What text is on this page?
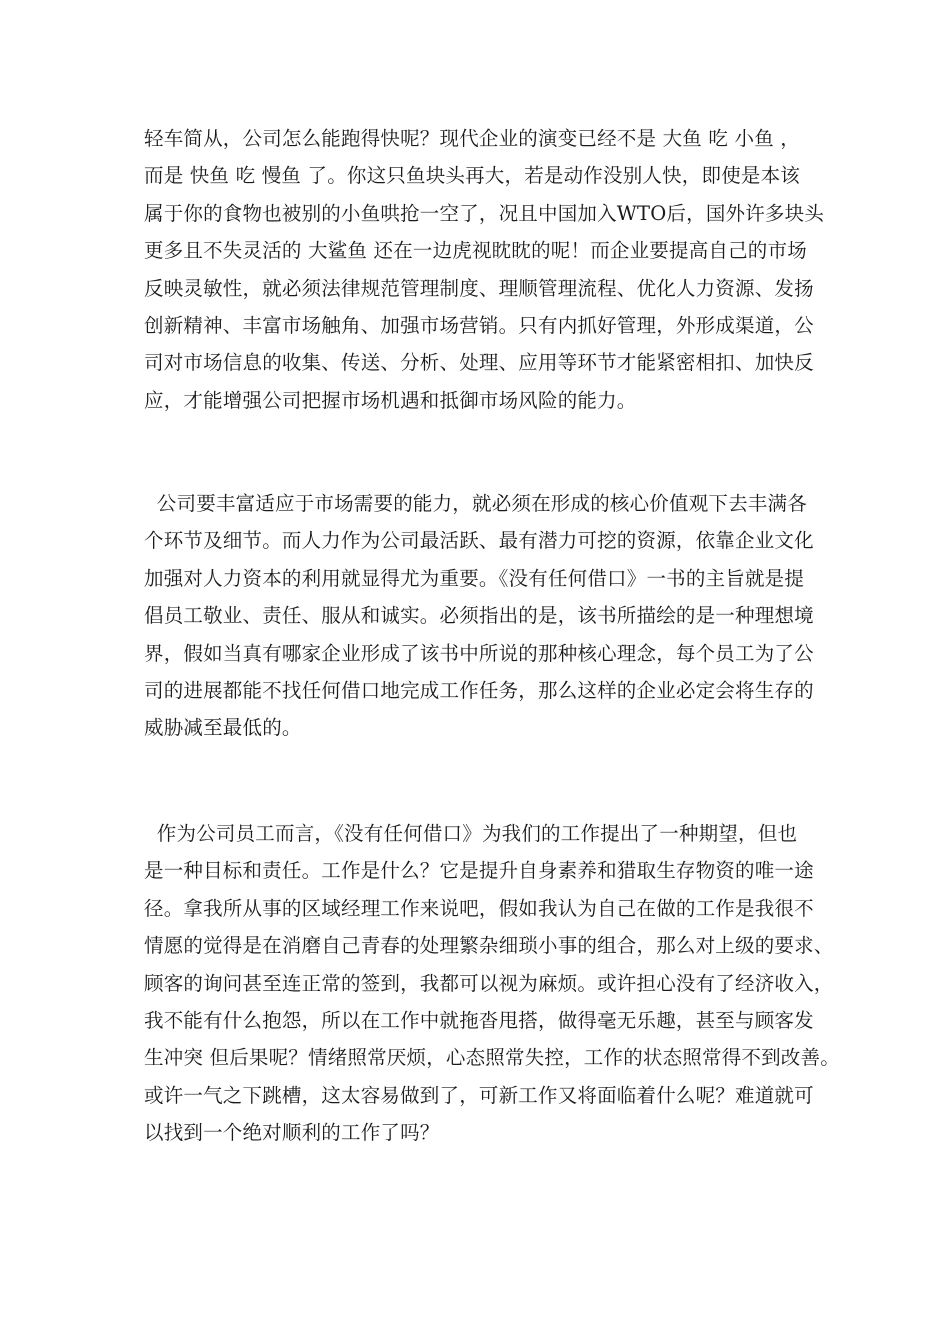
轻车简从，公司怎么能跑得快呢？现代企业的演变已经不是 大鱼 吃 小鱼 ，
而是 快鱼 吃 慢鱼 了。你这只鱼块头再大，若是动作没别人快，即使是本该
属于你的食物也被别的小鱼哄抢一空了，况且中国加入WTO后，国外许多块头
更多且不失灵活的 大鲨鱼 还在一边虎视眈眈的呢！而企业要提高自己的市场
反映灵敏性，就必须法律规范管理制度、理顺管理流程、优化人力资源、发扬
创新精神、丰富市场触角、加强市场营销。只有内抓好管理，外形成渠道，公
司对市场信息的收集、传送、分析、处理、应用等环节才能紧密相扣、加快反
应，才能增强公司把握市场机遇和抵御市场风险的能力。
公司要丰富适应于市场需要的能力，就必须在形成的核心价值观下去丰满各
个环节及细节。而人力作为公司最活跃、最有潜力可挖的资源，依靠企业文化
加强对人力资本的利用就显得尤为重要。《没有任何借口》一书的主旨就是提
倡员工敬业、责任、服从和诚实。必须指出的是，该书所描绘的是一种理想境
界，假如当真有哪家企业形成了该书中所说的那种核心理念，每个员工为了公
司的进展都能不找任何借口地完成工作任务，那么这样的企业必定会将生存的
威胁减至最低的。
作为公司员工而言，《没有任何借口》为我们的工作提出了一种期望，但也
是一种目标和责任。工作是什么？它是提升自身素养和猎取生存物资的唯一途
径。拿我所从事的区域经理工作来说吧，假如我认为自己在做的工作是我很不
情愿的觉得是在消磨自己青春的处理繁杂细琐小事的组合，那么对上级的要求、
顾客的询问甚至连正常的签到，我都可以视为麻烦。或许担心没有了经济收入，
我不能有什么抱怨，所以在工作中就拖沓甩搭，做得毫无乐趣，甚至与顾客发
生冲突 但后果呢？情绪照常厌烦，心态照常失控，工作的状态照常得不到改善。
或许一气之下跳槽，这太容易做到了，可新工作又将面临着什么呢？难道就可
以找到一个绝对顺利的工作了吗？
